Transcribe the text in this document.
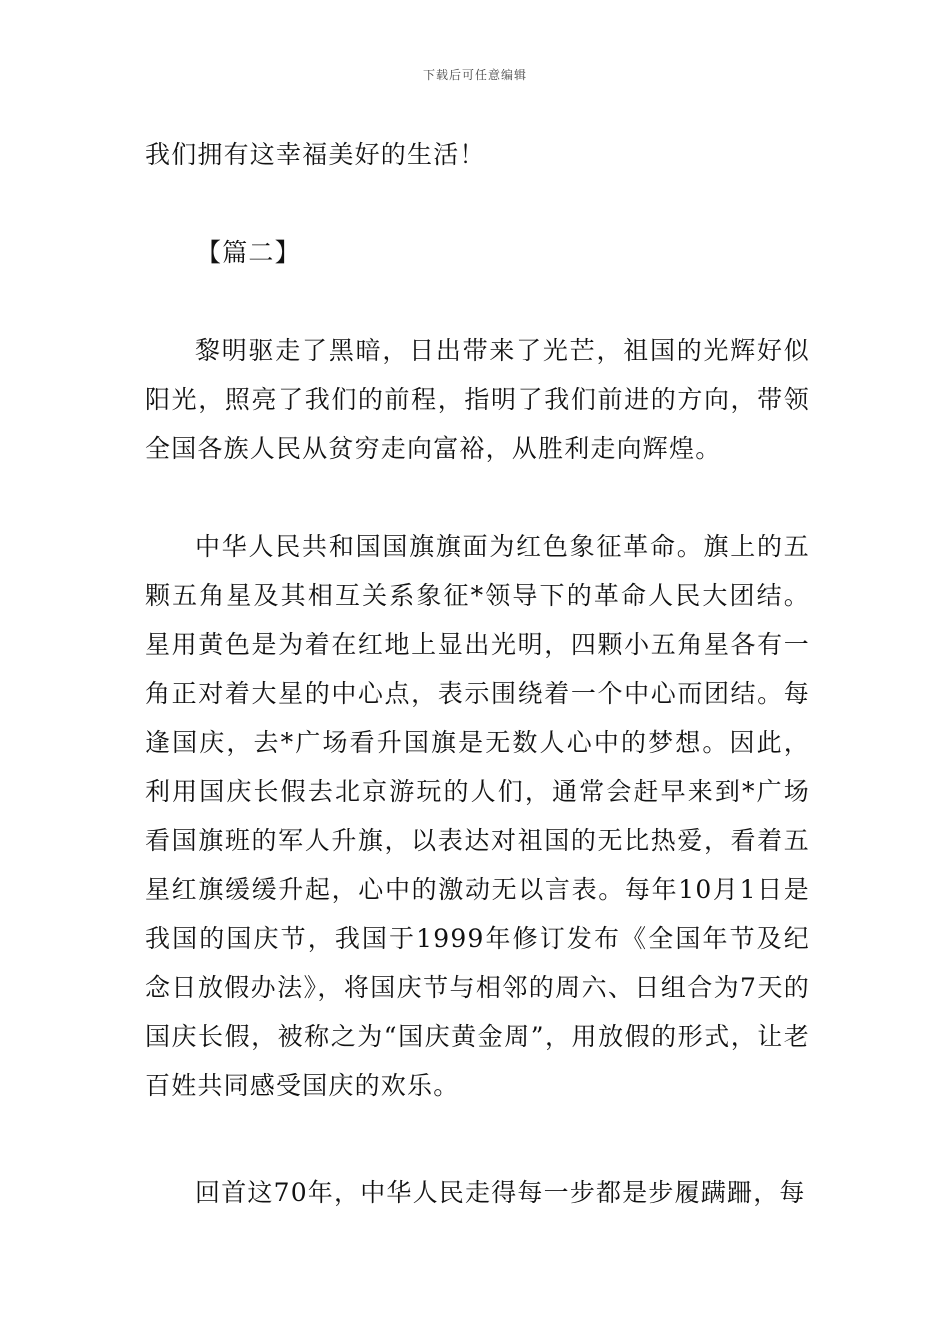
下载后可任意编辑

我们拥有这幸福美好的生活！

【篇二】

黎明驱走了黑暗，日出带来了光芒，祖国的光辉好似阳光，照亮了我们的前程，指明了我们前进的方向，带领全国各族人民从贫穷走向富裕，从胜利走向辉煌。

中华人民共和国国旗旗面为红色象征革命。旗上的五颗五角星及其相互关系象征*领导下的革命人民大团结。星用黄色是为着在红地上显出光明，四颗小五角星各有一角正对着大星的中心点，表示围绕着一个中心而团结。每逢国庆，去*广场看升国旗是无数人心中的梦想。因此，利用国庆长假去北京游玩的人们，通常会赶早来到*广场看国旗班的军人升旗，以表达对祖国的无比热爱，看着五星红旗缓缓升起，心中的激动无以言表。每年10月1日是我国的国庆节，我国于1999年修订发布《全国年节及纪念日放假办法》，将国庆节与相邻的周六、日组合为7天的国庆长假，被称之为“国庆黄金周”，用放假的形式，让老百姓共同感受国庆的欢乐。

回首这70年，中华人民走得每一步都是步履蹒跚，每
